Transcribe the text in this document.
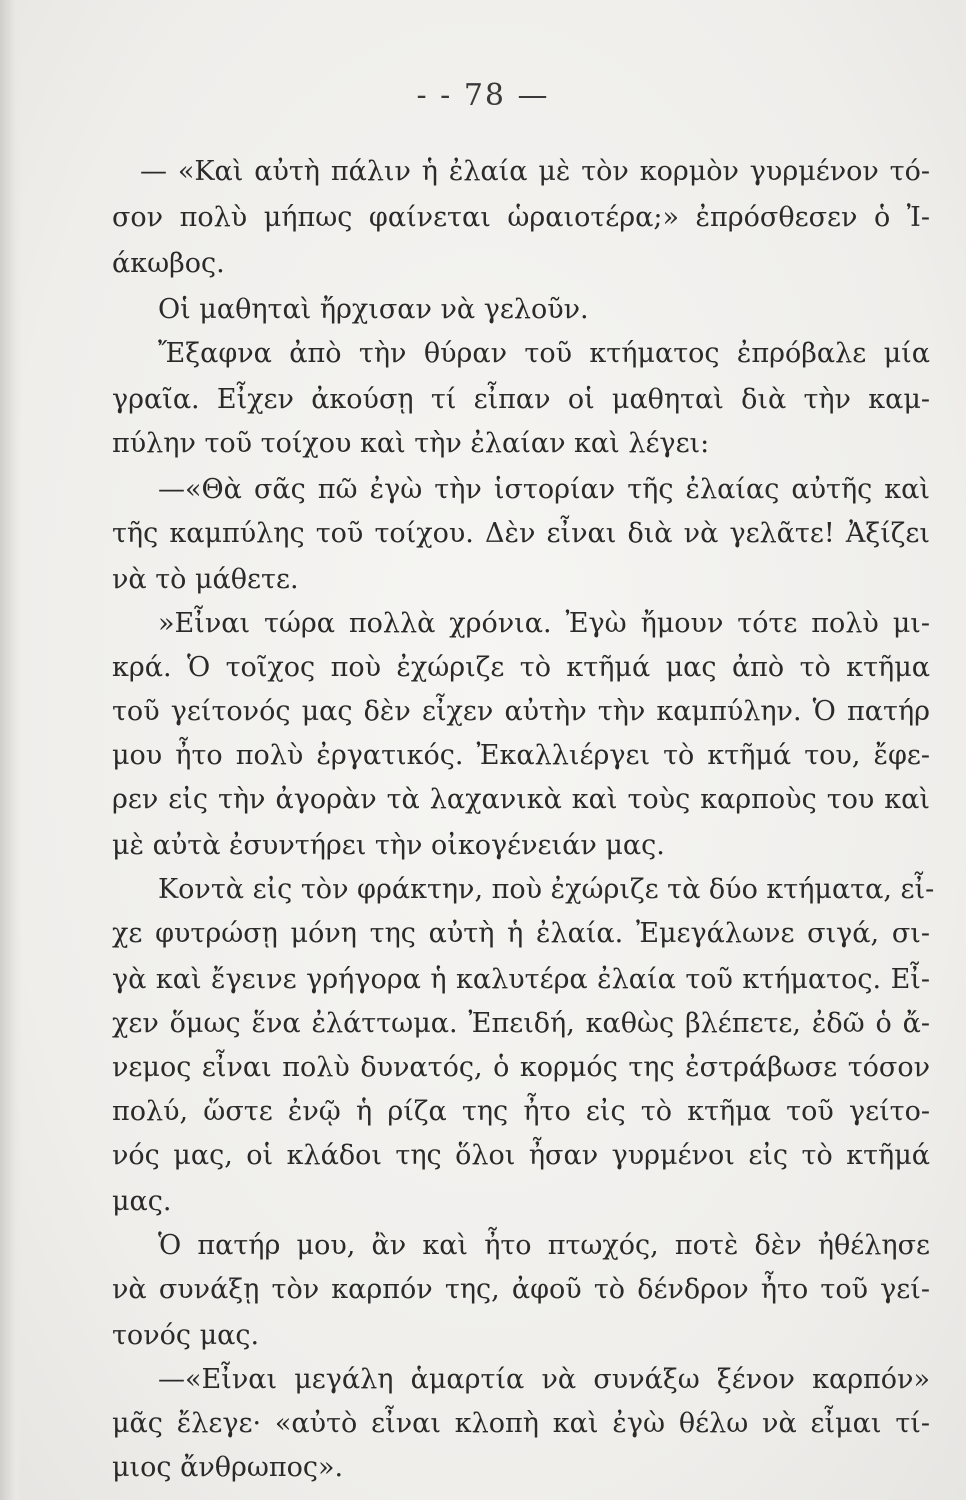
- - 78 —
— «Καὶ αὐτὴ πάλιν ἡ ἐλαία μὲ τὸν κορμὸν γυρμένον τό-
σον πολὺ μήπως φαίνεται ὡραιοτέρα;» ἐπρόσθεσεν ὁ Ἰ-
άκωβος.
Οἱ μαθηταὶ ἤρχισαν νὰ γελοῦν.
Ἔξαφνα ἀπὸ τὴν θύραν τοῦ κτήματος ἐπρόβαλε μία
γραῖα. Εἶχεν ἀκούσῃ τί εἶπαν οἱ μαθηταὶ διὰ τὴν καμ-
πύλην τοῦ τοίχου καὶ τὴν ἐλαίαν καὶ λέγει:
—«Θὰ σᾶς πῶ ἐγὼ τὴν ἱστορίαν τῆς ἐλαίας αὐτῆς καὶ
τῆς καμπύλης τοῦ τοίχου. Δὲν εἶναι διὰ νὰ γελᾶτε! Ἀξίζει
νὰ τὸ μάθετε.
»Εἶναι τώρα πολλὰ χρόνια. Ἐγὼ ἤμουν τότε πολὺ μι-
κρά. Ὁ τοῖχος ποὺ ἐχώριζε τὸ κτῆμά μας ἀπὸ τὸ κτῆμα
τοῦ γείτονός μας δὲν εἶχεν αὐτὴν τὴν καμπύλην. Ὁ πατήρ
μου ἦτο πολὺ ἐργατικός. Ἐκαλλιέργει τὸ κτῆμά του, ἔφε-
ρεν εἰς τὴν ἀγορὰν τὰ λαχανικὰ καὶ τοὺς καρποὺς του καὶ
μὲ αὐτὰ ἐσυντήρει τὴν οἰκογένειάν μας.
Κοντὰ εἰς τὸν φράκτην, ποὺ ἐχώριζε τὰ δύο κτήματα, εἶ-
χε φυτρώσῃ μόνη της αὐτὴ ἡ ἐλαία. Ἐμεγάλωνε σιγά, σι-
γὰ καὶ ἔγεινε γρήγορα ἡ καλυτέρα ἐλαία τοῦ κτήματος. Εἶ-
χεν ὅμως ἕνα ἐλάττωμα. Ἐπειδή, καθὼς βλέπετε, ἐδῶ ὁ ἄ-
νεμος εἶναι πολὺ δυνατός, ὁ κορμός της ἐστράβωσε τόσον
πολύ, ὥστε ἐνῷ ἡ ρίζα της ἦτο εἰς τὸ κτῆμα τοῦ γείτο-
νός μας, οἱ κλάδοι της ὅλοι ἦσαν γυρμένοι εἰς τὸ κτῆμά
μας.
Ὁ πατήρ μου, ἂν καὶ ἦτο πτωχός, ποτὲ δὲν ἠθέλησε
νὰ συνάξῃ τὸν καρπόν της, ἀφοῦ τὸ δένδρον ἦτο τοῦ γεί-
τονός μας.
—«Εἶναι μεγάλη ἁμαρτία νὰ συνάξω ξένον καρπόν»
μᾶς ἔλεγε· «αὐτὸ εἶναι κλοπὴ καὶ ἐγὼ θέλω νὰ εἶμαι τί-
μιος ἄνθρωπος».
